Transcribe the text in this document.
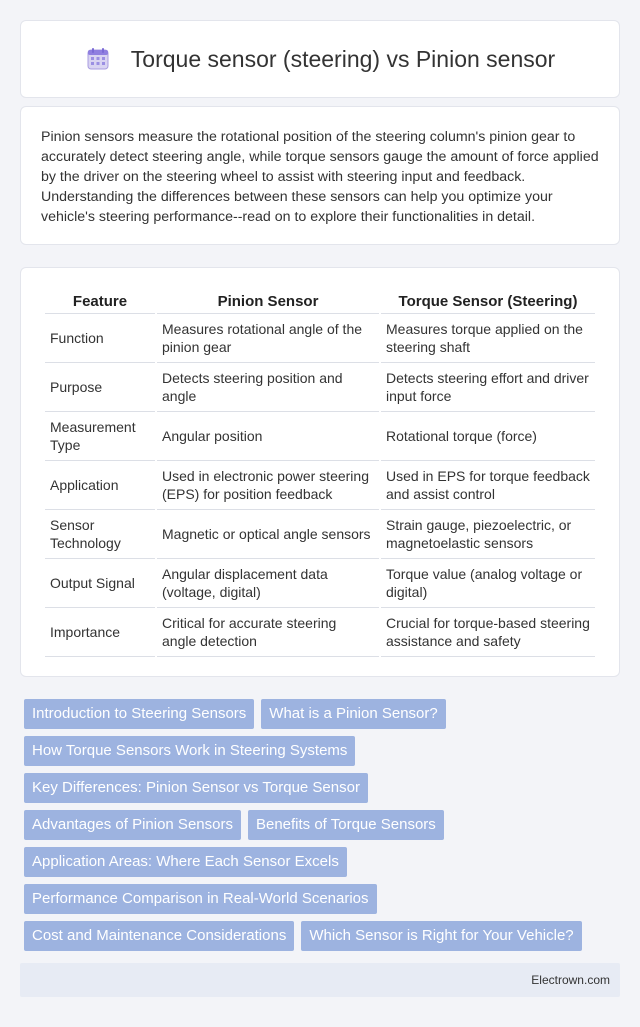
Torque sensor (steering) vs Pinion sensor

Pinion sensors measure the rotational position of the steering column's pinion gear to accurately detect steering angle, while torque sensors gauge the amount of force applied by the driver on the steering wheel to assist with steering input and feedback. Understanding the differences between these sensors can help you optimize your vehicle's steering performance--read on to explore their functionalities in detail.

Feature	Pinion Sensor	Torque Sensor (Steering)
Function	Measures rotational angle of the pinion gear	Measures torque applied on the steering shaft
Purpose	Detects steering position and angle	Detects steering effort and driver input force
Measurement Type	Angular position	Rotational torque (force)
Application	Used in electronic power steering (EPS) for position feedback	Used in EPS for torque feedback and assist control
Sensor Technology	Magnetic or optical angle sensors	Strain gauge, piezoelectric, or magnetoelastic sensors
Output Signal	Angular displacement data (voltage, digital)	Torque value (analog voltage or digital)
Importance	Critical for accurate steering angle detection	Crucial for torque-based steering assistance and safety
Introduction to Steering Sensors	What is a Pinion Sensor?
How Torque Sensors Work in Steering Systems
Key Differences: Pinion Sensor vs Torque Sensor
Advantages of Pinion Sensors	Benefits of Torque Sensors
Application Areas: Where Each Sensor Excels
Performance Comparison in Real-World Scenarios
Cost and Maintenance Considerations	Which Sensor is Right for Your Vehicle?
Electrown.com
